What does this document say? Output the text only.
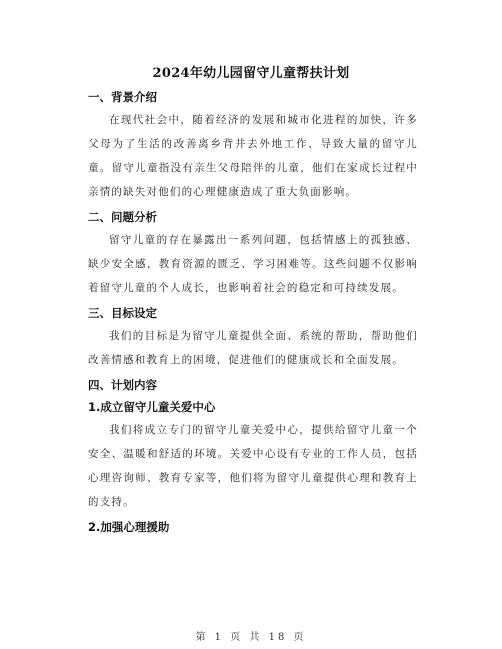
2024年幼儿园留守儿童帮扶计划
一、背景介绍

在现代社会中，随着经济的发展和城市化进程的加快，许多父母为了生活的改善离乡背井去外地工作，导致大量的留守儿童。留守儿童指没有亲生父母陪伴的儿童，他们在家成长过程中亲情的缺失对他们的心理健康造成了重大负面影响。

二、问题分析

留守儿童的存在暴露出一系列问题，包括情感上的孤独感、缺少安全感，教育资源的匮乏、学习困难等。这些问题不仅影响着留守儿童的个人成长，也影响着社会的稳定和可持续发展。

三、目标设定

我们的目标是为留守儿童提供全面、系统的帮助，帮助他们改善情感和教育上的困境，促进他们的健康成长和全面发展。

四、计划内容
1.成立留守儿童关爱中心

我们将成立专门的留守儿童关爱中心，提供给留守儿童一个安全、温暖和舒适的环境。关爱中心设有专业的工作人员，包括心理咨询师、教育专家等，他们将为留守儿童提供心理和教育上的支持。

2.加强心理援助
第 1 页 共 18 页
